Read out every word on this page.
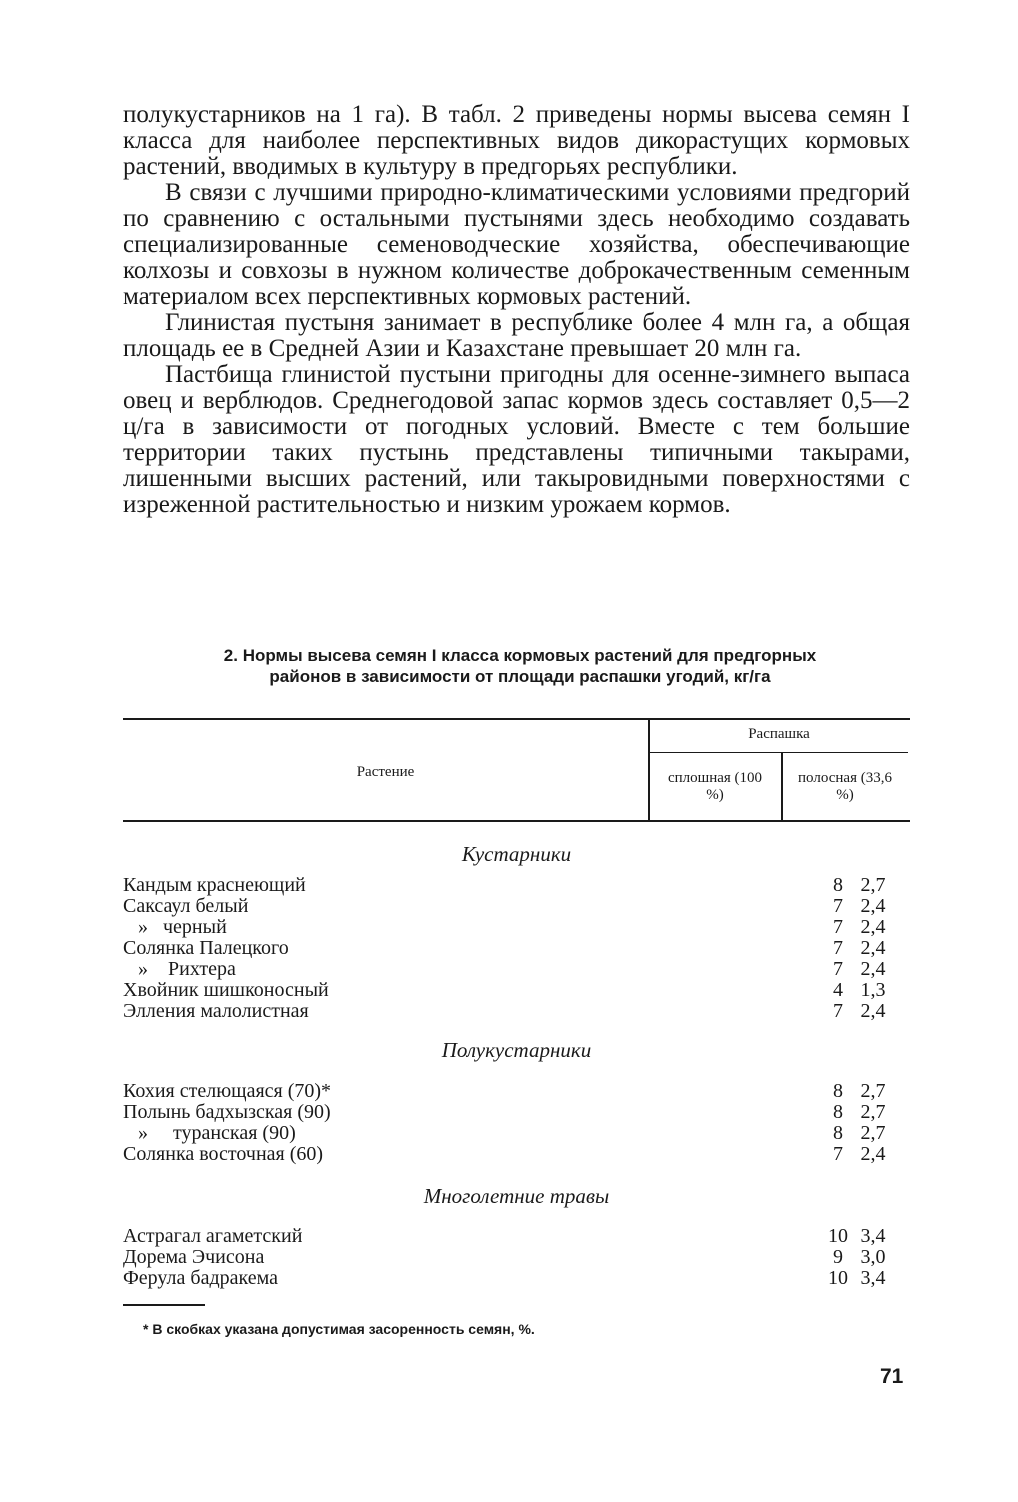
полукустарников на 1 га). В табл. 2 приведены нормы высева семян I класса для наиболее перспективных видов дикорастущих кормовых растений, вводимых в культуру в предгорьях республики.

В связи с лучшими природно-климатическими условиями предгорий по сравнению с остальными пустынями здесь необходимо создавать специализированные семеноводческие хозяйства, обеспечивающие колхозы и совхозы в нужном количестве доброкачественным семенным материалом всех перспективных кормовых растений.

Глинистая пустыня занимает в республике более 4 млн га, а общая площадь ее в Средней Азии и Казахстане превышает 20 млн га.

Пастбища глинистой пустыни пригодны для осенне-зимнего выпаса овец и верблюдов. Среднегодовой запас кормов здесь составляет 0,5—2 ц/га в зависимости от погодных условий. Вместе с тем большие территории таких пустынь представлены типичными такырами, лишенными высших растений, или такыровидными поверхностями с изреженной растительностью и низким урожаем кормов.

2. Нормы высева семян I класса кормовых растений для предгорных районов в зависимости от площади распашки угодий, кг/га
Растение
Распашка
сплошная (100 %)
полосная (33,6 %)
Кустарники
Кандым краснеющий	8 2,7
Саксаул белый	7 2,4
»   черный	7 2,4
Солянка Палецкого	7 2,4
»    Рихтера	7 2,4
Хвойник шишконосный	4 1,3
Элления малолистная	7 2,4
Полукустарники
Кохия стелющаяся (70)*	8 2,7
Полынь бадхызская (90)	8 2,7
»     туранская (90)	8 2,7
Солянка восточная (60)	7 2,4
Многолетние травы
Астрагал агаметский	10 3,4
Дорема Эчисона	9 3,0
Ферула бадракема	10 3,4
* В скобках указана допустимая засоренность семян, %.
71
